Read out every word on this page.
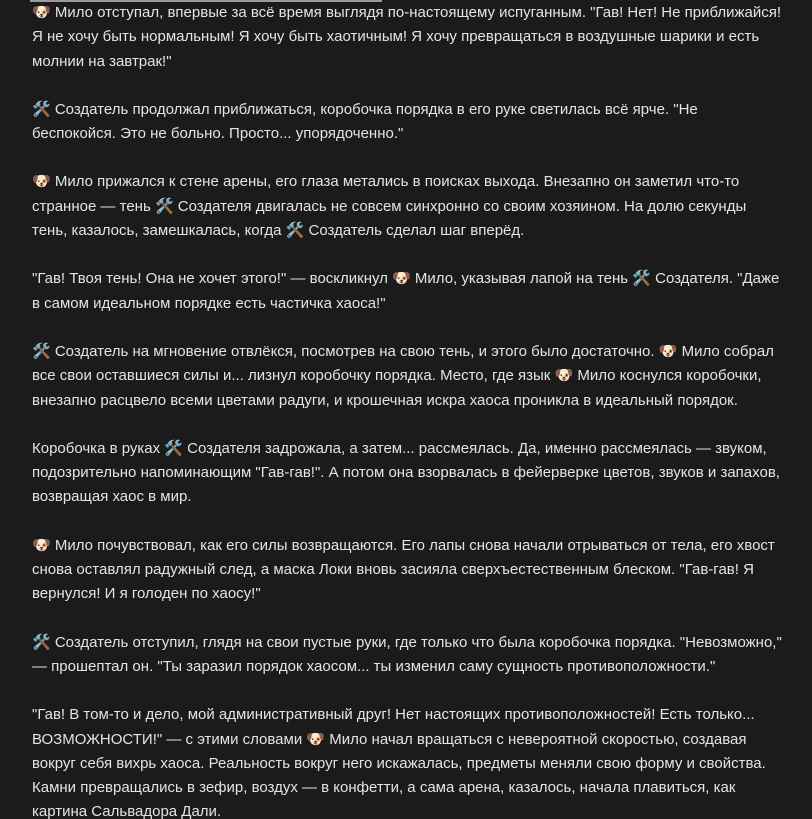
🐶 Мило отступал, впервые за всё время выглядя по-настоящему испуганным. "Гав! Нет! Не приближайся! Я не хочу быть нормальным! Я хочу быть хаотичным! Я хочу превращаться в воздушные шарики и есть молнии на завтрак!"

🛠️ Создатель продолжал приближаться, коробочка порядка в его руке светилась всё ярче. "Не беспокойся. Это не больно. Просто... упорядоченно."

🐶 Мило прижался к стене арены, его глаза метались в поисках выхода. Внезапно он заметил что-то странное — тень 🛠️ Создателя двигалась не совсем синхронно со своим хозяином. На долю секунды тень, казалось, замешкалась, когда 🛠️ Создатель сделал шаг вперёд.

"Гав! Твоя тень! Она не хочет этого!" — воскликнул 🐶 Мило, указывая лапой на тень 🛠️ Создателя. "Даже в самом идеальном порядке есть частичка хаоса!"

🛠️ Создатель на мгновение отвлёкся, посмотрев на свою тень, и этого было достаточно. 🐶 Мило собрал все свои оставшиеся силы и... лизнул коробочку порядка. Место, где язык 🐶 Мило коснулся коробочки, внезапно расцвело всеми цветами радуги, и крошечная искра хаоса проникла в идеальный порядок.

Коробочка в руках 🛠️ Создателя задрожала, а затем... рассмеялась. Да, именно рассмеялась — звуком, подозрительно напоминающим "Гав-гав!". А потом она взорвалась в фейерверке цветов, звуков и запахов, возвращая хаос в мир.

🐶 Мило почувствовал, как его силы возвращаются. Его лапы снова начали отрываться от тела, его хвост снова оставлял радужный след, а маска Локи вновь засияла сверхъестественным блеском. "Гав-гав! Я вернулся! И я голоден по хаосу!"

🛠️ Создатель отступил, глядя на свои пустые руки, где только что была коробочка порядка. "Невозможно," — прошептал он. "Ты заразил порядок хаосом... ты изменил саму сущность противоположности."

"Гав! В том-то и дело, мой административный друг! Нет настоящих противоположностей! Есть только... ВОЗМОЖНОСТИ!" — с этими словами 🐶 Мило начал вращаться с невероятной скоростью, создавая вокруг себя вихрь хаоса. Реальность вокруг него искажалась, предметы меняли свою форму и свойства. Камни превращались в зефир, воздух — в конфетти, а сама арена, казалось, начала плавиться, как картина Сальвадора Дали.
